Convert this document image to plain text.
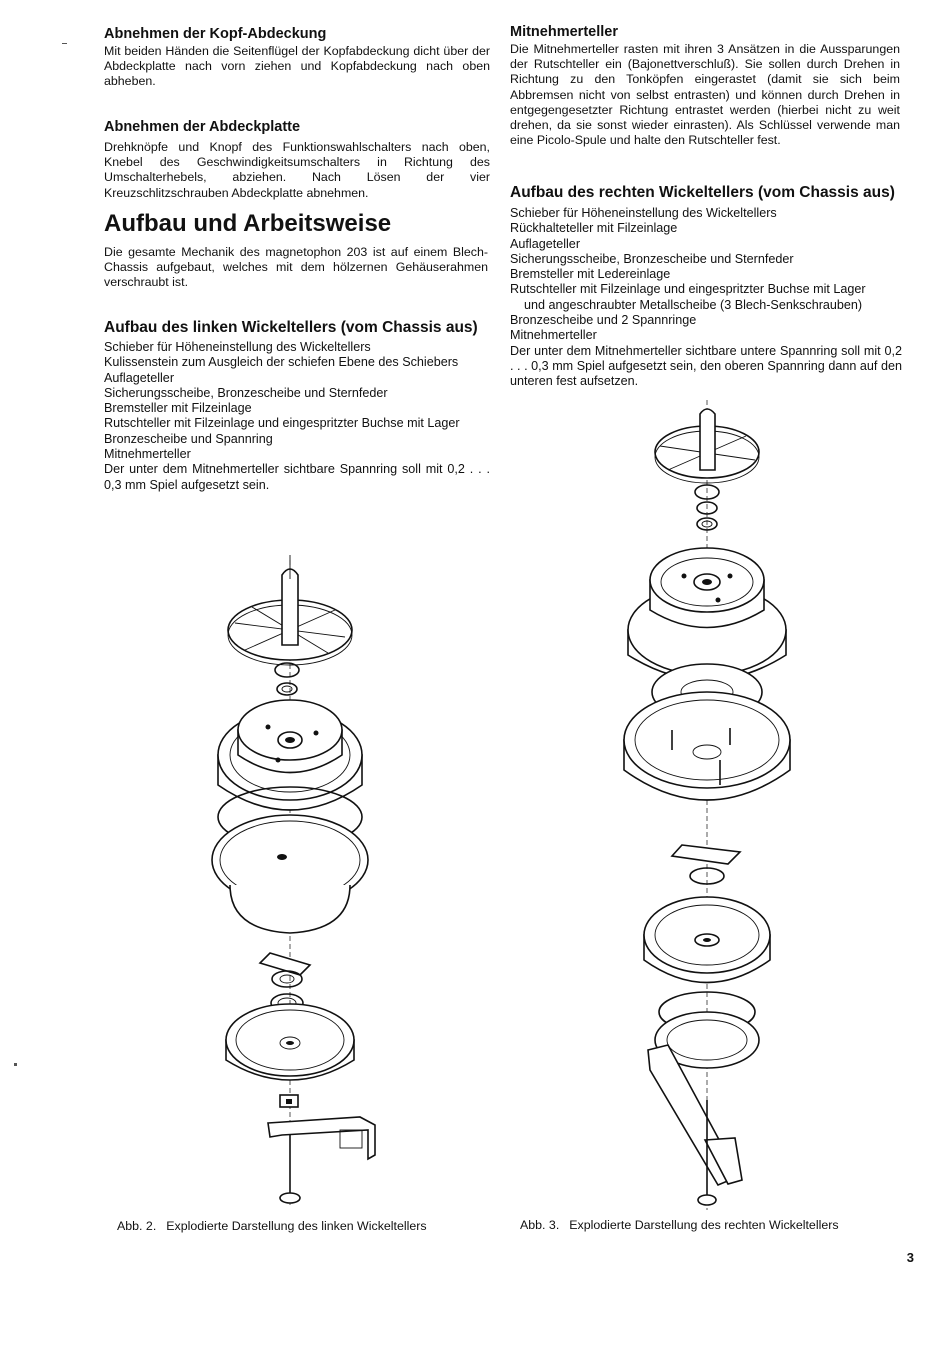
Abnehmen der Kopf-Abdeckung

Mit beiden Händen die Seitenflügel der Kopfabdeckung dicht über der Abdeckplatte nach vorn ziehen und Kopfabdeckung nach oben abheben.

Abnehmen der Abdeckplatte

Drehknöpfe und Knopf des Funktionswahlschalters nach oben, Knebel des Geschwindigkeitsumschalters in Richtung des Umschalterhebels, abziehen. Nach Lösen der vier Kreuzschlitzschrauben Abdeckplatte abnehmen.

Aufbau und Arbeitsweise

Die gesamte Mechanik des magnetophon 203 ist auf einem Blech-Chassis aufgebaut, welches mit dem hölzernen Gehäuserahmen verschraubt ist.

Aufbau des linken Wickeltellers (vom Chassis aus)
Schieber für Höheneinstellung des Wickeltellers
Kulissenstein zum Ausgleich der schiefen Ebene des Schiebers
Auflageteller
Sicherungsscheibe, Bronzescheibe und Sternfeder
Bremsteller mit Filzeinlage
Rutschteller mit Filzeinlage und eingespritzter Buchse mit Lager
Bronzescheibe und Spannring
Mitnehmerteller
Der unter dem Mitnehmerteller sichtbare Spannring soll mit 0,2 . . . 0,3 mm Spiel aufgesetzt sein.
Mitnehmerteller

Die Mitnehmerteller rasten mit ihren 3 Ansätzen in die Aussparungen der Rutschteller ein (Bajonettverschluß). Sie sollen durch Drehen in Richtung zu den Tonköpfen eingerastet (damit sie sich beim Abbremsen nicht von selbst entrasten) und können durch Drehen in entgegengesetzter Richtung entrastet werden (hierbei nicht zu weit drehen, da sie sonst wieder einrasten). Als Schlüssel verwende man eine Picolo-Spule und halte den Rutschteller fest.

Aufbau des rechten Wickeltellers (vom Chassis aus)
Schieber für Höheneinstellung des Wickeltellers
Rückhalteteller mit Filzeinlage
Auflageteller
Sicherungsscheibe, Bronzescheibe und Sternfeder
Bremsteller mit Ledereinlage
Rutschteller mit Filzeinlage und eingespritzter Buchse mit Lager
und angeschraubter Metallscheibe (3 Blech-Senkschrauben)
Bronzescheibe und 2 Spannringe
Mitnehmerteller
Der unter dem Mitnehmerteller sichtbare untere Spannring soll mit 0,2 . . . 0,3 mm Spiel aufgesetzt sein, den oberen Spannring dann auf den unteren fest aufsetzen.
Abb. 2. Explodierte Darstellung des linken Wickeltellers	Abb. 3. Explodierte Darstellung des rechten Wickeltellers
3
